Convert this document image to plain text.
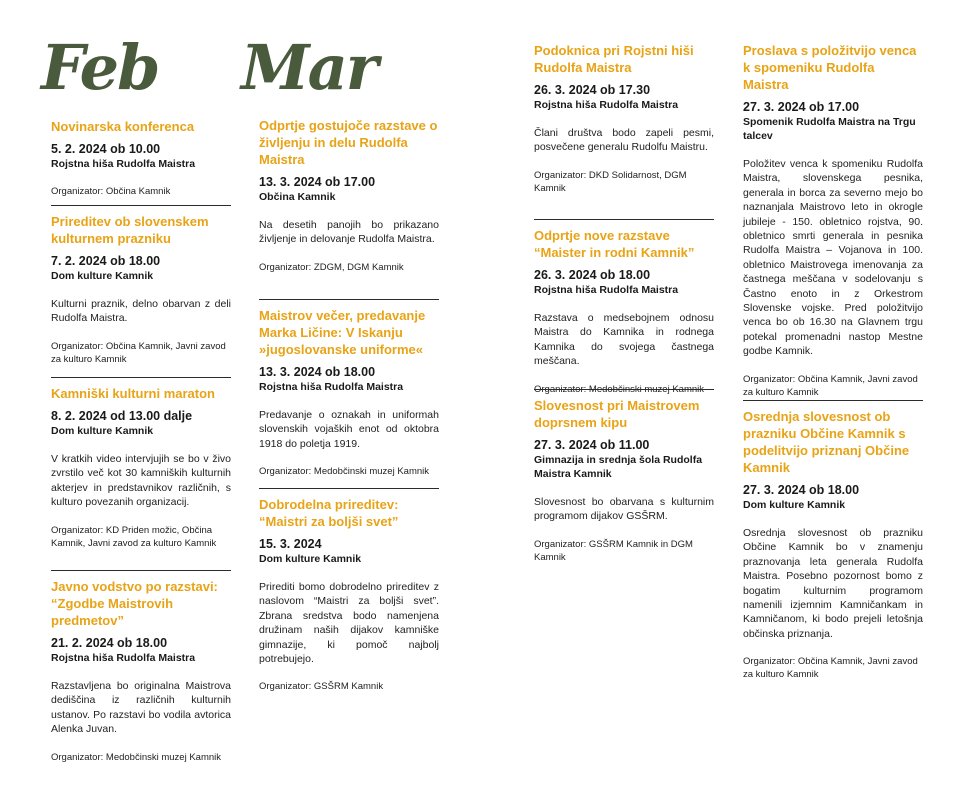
Feb
Novinarska konferenca
5. 2. 2024 ob 10.00
Rojstna hiša Rudolfa Maistra
Organizator: Občina Kamnik
Prireditev ob slovenskem kulturnem prazniku
7. 2. 2024 ob 18.00
Dom kulture Kamnik
Kulturni praznik, delno obarvan z deli Rudolfa Maistra.
Organizator: Občina Kamnik, Javni zavod za kulturo Kamnik
Kamniški kulturni maraton
8. 2. 2024 od 13.00 dalje
Dom kulture Kamnik
V kratkih video intervjujih se bo v živo zvrstilo več kot 30 kamniških kulturnih akterjev in predstavnikov različnih, s kulturo povezanih organizacij.
Organizator: KD Priden možic, Občina Kamnik, Javni zavod za kulturo Kamnik
Javno vodstvo po razstavi: “Zgodbe Maistrovih predmetov”
21. 2. 2024 ob 18.00
Rojstna hiša Rudolfa Maistra
Razstavljena bo originalna Maistrova dediščina iz različnih kulturnih ustanov. Po razstavi bo vodila avtorica Alenka Juvan.
Organizator: Medobčinski muzej Kamnik
Mar
Odprtje gostujoče razstave o življenju in delu Rudolfa Maistra
13. 3. 2024 ob 17.00
Občina Kamnik
Na desetih panojih bo prikazano življenje in delovanje Rudolfa Maistra.
Organizator: ZDGM, DGM Kamnik
Maistrov večer, predavanje Marka Ličine: V Iskanju »jugoslovanske uniforme«
13. 3. 2024 ob 18.00
Rojstna hiša Rudolfa Maistra
Predavanje o oznakah in uniformah slovenskih vojaških enot od oktobra 1918 do poletja 1919.
Organizator: Medobčinski muzej Kamnik
Dobrodelna prireditev: “Maistri za boljši svet”
15. 3. 2024
Dom kulture Kamnik
Prirediti bomo dobrodelno prireditev z naslovom “Maistri za boljši svet”. Zbrana sredstva bodo namenjena družinam naših dijakov kamniške gimnazije, ki pomoč najbolj potrebujejo.
Organizator: GSŠRM Kamnik
Podoknica pri Rojstni hiši Rudolfa Maistra
26. 3. 2024 ob 17.30
Rojstna hiša Rudolfa Maistra
Člani društva bodo zapeli pesmi, posvečene generalu Rudolfu Maistru.
Organizator: DKD Solidarnost, DGM Kamnik
Odprtje nove razstave “Maister in rodni Kamnik”
26. 3. 2024 ob 18.00
Rojstna hiša Rudolfa Maistra
Razstava o medsebojnem odnosu Maistra do Kamnika in rodnega Kamnika do svojega častnega meščana.
Organizator: Medobčinski muzej Kamnik
Slovesnost pri Maistrovem doprsnem kipu
27. 3. 2024 ob 11.00
Gimnazija in srednja šola Rudolfa Maistra Kamnik
Slovesnost bo obarvana s kulturnim programom dijakov GSŠRM.
Organizator: GSŠRM Kamnik in DGM Kamnik
Proslava s položitvijo venca k spomeniku Rudolfa Maistra
27. 3. 2024 ob 17.00
Spomenik Rudolfa Maistra na Trgu talcev
Položitev venca k spomeniku Rudolfa Maistra, slovenskega pesnika, generala in borca za severno mejo bo naznanjala Maistrovo leto in okrogle jubileje - 150. obletnico rojstva, 90. obletnico smrti generala in pesnika Rudolfa Maistra – Vojanova in 100. obletnico Maistrovega imenovanja za častnega meščana v sodelovanju s Častno enoto in z Orkestrom Slovenske vojske. Pred položitvijo venca bo ob 16.30 na Glavnem trgu potekal promenadni nastop Mestne godbe Kamnik.
Organizator: Občina Kamnik, Javni zavod za kulturo Kamnik
Osrednja slovesnost ob prazniku Občine Kamnik s podelitvijo priznanj Občine Kamnik
27. 3. 2024 ob 18.00
Dom kulture Kamnik
Osrednja slovesnost ob prazniku Občine Kamnik bo v znamenju praznovanja leta generala Rudolfa Maistra. Posebno pozornost bomo z bogatim kulturnim programom namenili izjemnim Kamničankam in Kamničanom, ki bodo prejeli letošnja občinska priznanja.
Organizator: Občina Kamnik, Javni zavod za kulturo Kamnik
